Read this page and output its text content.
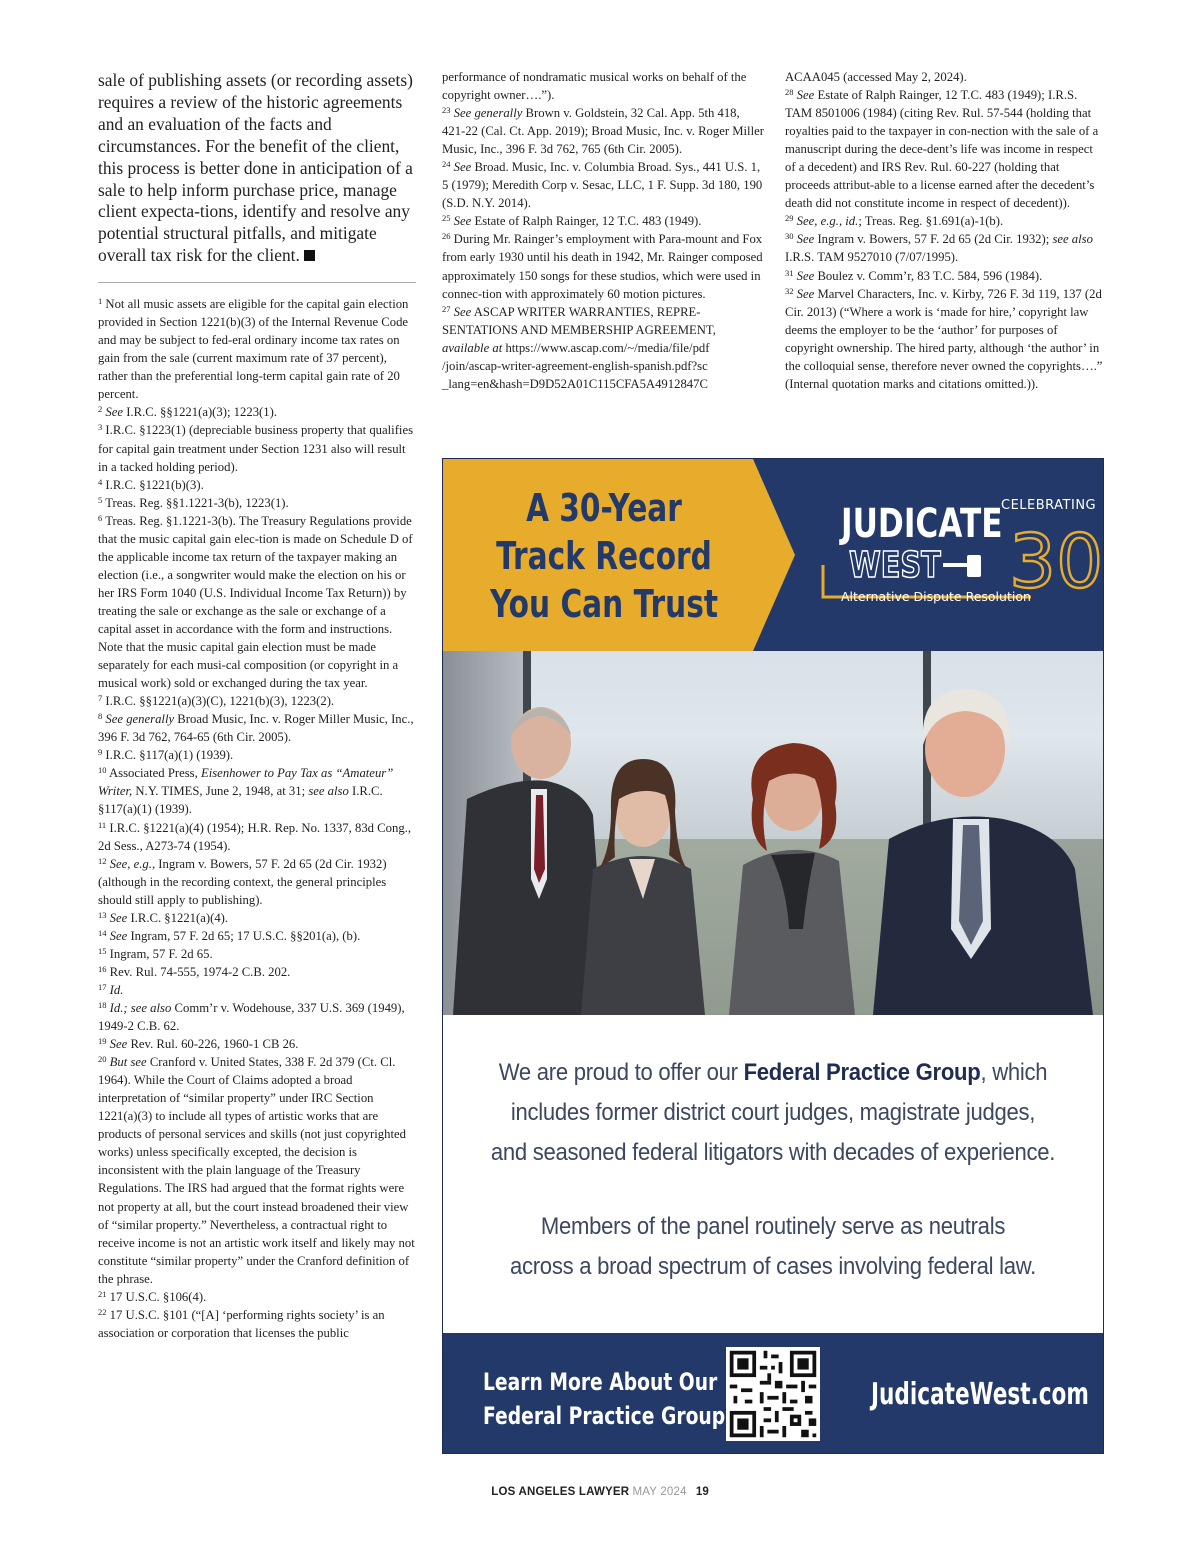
sale of publishing assets (or recording assets) requires a review of the historic agreements and an evaluation of the facts and circumstances. For the benefit of the client, this process is better done in anticipation of a sale to help inform purchase price, manage client expecta-tions, identify and resolve any potential structural pitfalls, and mitigate overall tax risk for the client.

$^1$ Not all music assets are eligible for the capital gain election provided in Section 1221(b)(3) of the Internal Revenue Code and may be subject to fed-eral ordinary income tax rates on gain from the sale (current maximum rate of 37 percent), rather than the preferential long-term capital gain rate of 20 percent.

$^2$ See I.R.C. §§1221(a)(3); 1223(1).

$^3$ I.R.C. §1223(1) (depreciable business property that qualifies for capital gain treatment under Section 1231 also will result in a tacked holding period).

$^4$ I.R.C. §1221(b)(3).

$^5$ Treas. Reg. §§1.1221-3(b), 1223(1).

$^6$ Treas. Reg. §1.1221-3(b). The Treasury Regulations provide that the music capital gain elec-tion is made on Schedule D of the applicable income tax return of the taxpayer making an election (i.e., a songwriter would make the election on his or her IRS Form 1040 (U.S. Individual Income Tax Return)) by treating the sale or exchange as the sale or exchange of a capital asset in accordance with the form and instructions. Note that the music capital gain election must be made separately for each musi-cal composition (or copyright in a musical work) sold or exchanged during the tax year.

$^7$ I.R.C. §§1221(a)(3)(C), 1221(b)(3), 1223(2).

$^8$ See generally Broad Music, Inc. v. Roger Miller Music, Inc., 396 F. 3d 762, 764-65 (6th Cir. 2005).

$^9$ I.R.C. §117(a)(1) (1939).

$^{10}$ Associated Press, Eisenhower to Pay Tax as “Amateur” Writer, N.Y. TIMES, June 2, 1948, at 31; see also I.R.C. §117(a)(1) (1939).

$^{11}$ I.R.C. §1221(a)(4) (1954); H.R. Rep. No. 1337, 83d Cong., 2d Sess., A273-74 (1954).

$^{12}$ See, e.g., Ingram v. Bowers, 57 F. 2d 65 (2d Cir. 1932) (although in the recording context, the general principles should still apply to publishing).

$^{13}$ See I.R.C. §1221(a)(4).

$^{14}$ See Ingram, 57 F. 2d 65; 17 U.S.C. §§201(a), (b).

$^{15}$ Ingram, 57 F. 2d 65.

$^{16}$ Rev. Rul. 74-555, 1974-2 C.B. 202.

$^{17}$ Id.

$^{18}$ Id.; see also Comm’r v. Wodehouse, 337 U.S. 369 (1949), 1949-2 C.B. 62.

$^{19}$ See Rev. Rul. 60-226, 1960-1 CB 26.

$^{20}$ But see Cranford v. United States, 338 F. 2d 379 (Ct. Cl. 1964). While the Court of Claims adopted a broad interpretation of “similar property” under IRC Section 1221(a)(3) to include all types of artistic works that are products of personal services and skills (not just copyrighted works) unless specifically excepted, the decision is inconsistent with the plain language of the Treasury Regulations. The IRS had argued that the format rights were not property at all, but the court instead broadened their view of “similar property.” Nevertheless, a contractual right to receive income is not an artistic work itself and likely may not constitute “similar property” under the Cranford definition of the phrase.

$^{21}$ 17 U.S.C. §106(4).

$^{22}$ 17 U.S.C. §101 (“[A] ‘performing rights society’ is an association or corporation that licenses the public

performance of nondramatic musical works on behalf of the copyright owner….”).

$^{23}$ See generally Brown v. Goldstein, 32 Cal. App. 5th 418, 421-22 (Cal. Ct. App. 2019); Broad Music, Inc. v. Roger Miller Music, Inc., 396 F. 3d 762, 765 (6th Cir. 2005).

$^{24}$ See Broad. Music, Inc. v. Columbia Broad. Sys., 441 U.S. 1, 5 (1979); Meredith Corp v. Sesac, LLC, 1 F. Supp. 3d 180, 190 (S.D. N.Y. 2014).

$^{25}$ See Estate of Ralph Rainger, 12 T.C. 483 (1949).

$^{26}$ During Mr. Rainger’s employment with Para-mount and Fox from early 1930 until his death in 1942, Mr. Rainger composed approximately 150 songs for these studios, which were used in connec-tion with approximately 60 motion pictures.

$^{27}$ See ASCAP WRITER WARRANTIES, REPRE-SENTATIONS AND MEMBERSHIP AGREEMENT, available at https://www.ascap.com/~/media/file/pdf /join/ascap-writer-agreement-english-spanish.pdf?sc _lang=en&hash=D9D52A01C115CFA5A4912847C

ACAA045 (accessed May 2, 2024).

$^{28}$ See Estate of Ralph Rainger, 12 T.C. 483 (1949); I.R.S. TAM 8501006 (1984) (citing Rev. Rul. 57-544 (holding that royalties paid to the taxpayer in con-nection with the sale of a manuscript during the dece-dent’s life was income in respect of a decedent) and IRS Rev. Rul. 60-227 (holding that proceeds attribut-able to a license earned after the decedent’s death did not constitute income in respect of decedent)).

$^{29}$ See, e.g., id.; Treas. Reg. §1.691(a)-1(b).

$^{30}$ See Ingram v. Bowers, 57 F. 2d 65 (2d Cir. 1932); see also I.R.S. TAM 9527010 (7/07/1995).

$^{31}$ See Boulez v. Comm’r, 83 T.C. 584, 596 (1984).

$^{32}$ See Marvel Characters, Inc. v. Kirby, 726 F. 3d 119, 137 (2d Cir. 2013) (“Where a work is ‘made for hire,’ copyright law deems the employer to be the ‘author’ for purposes of copyright ownership. The hired party, although ‘the author’ in the colloquial sense, therefore never owned the copyrights….” (Internal quotation marks and citations omitted.)).

A 30-Year
Track Record
You Can Trust
JUDICATE
WEST
CELEBRATING
30
Alternative Dispute Resolution
We are proud to offer our Federal Practice Group, which
includes former district court judges, magistrate judges,
and seasoned federal litigators with decades of experience.
Members of the panel routinely serve as neutrals
across a broad spectrum of cases involving federal law.
Learn More About Our
Federal Practice Group
JudicateWest.com
LOS ANGELES LAWYER MAY 2024 19
